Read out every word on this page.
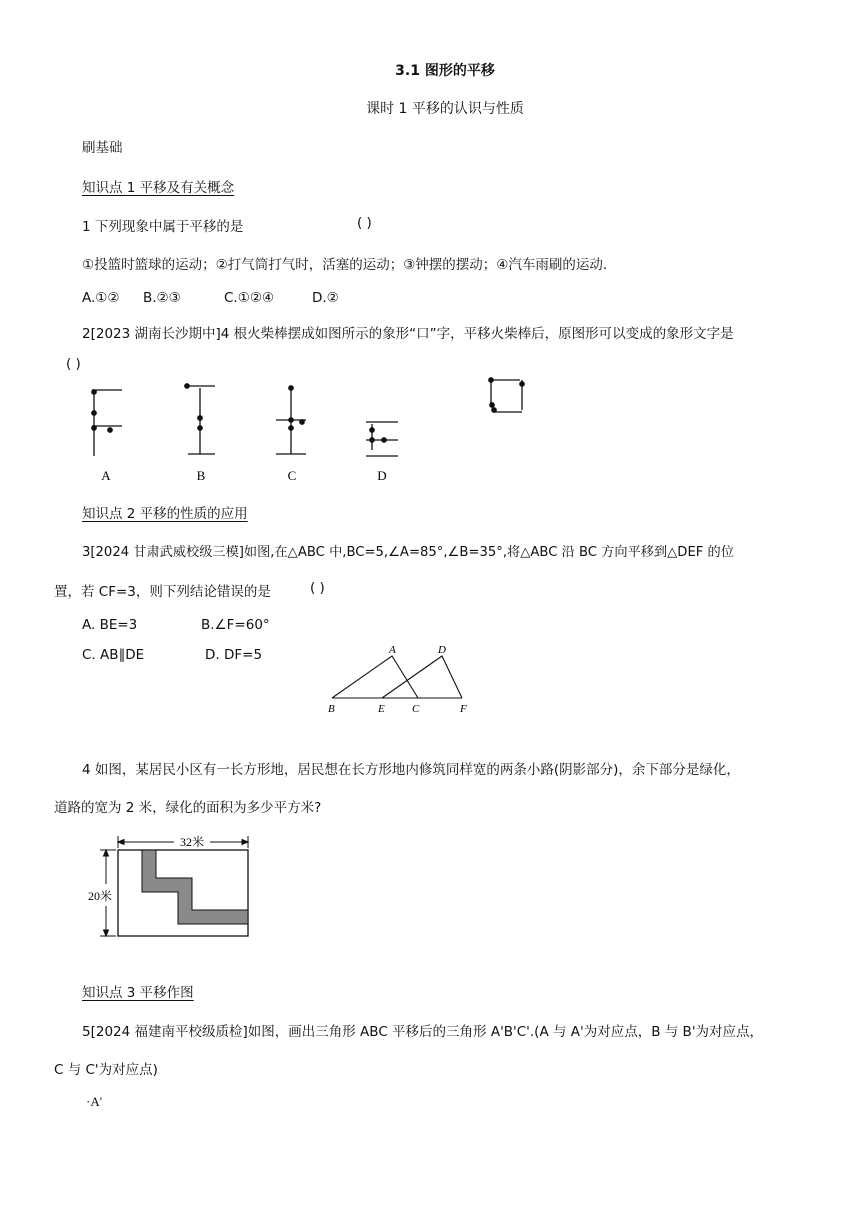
3.1 图形的平移
课时 1 平移的认识与性质
刷基础
知识点 1 平移及有关概念
1 下列现象中属于平移的是	( )
①投篮时篮球的运动；②打气筒打气时，活塞的运动；③钟摆的摆动；④汽车雨刷的运动.
A.①② B.②③	C.①②④	D.②
2[2023 湖南长沙期中]4 根火柴棒摆成如图所示的象形“口”字，平移火柴棒后，原图形可以变成的象形文字是
( )
A	B	C	D
知识点 2 平移的性质的应用
3[2024 甘肃武威校级三模]如图,在△ABC 中,BC=5,∠A=85°,∠B=35°,将△ABC 沿 BC 方向平移到△DEF 的位
置，若 CF=3，则下列结论错误的是	( )
A. BE=3	B.∠F=60°
C. AB∥DE	D. DF=5	A	D
B	E C	F
4 如图，某居民小区有一长方形地，居民想在长方形地内修筑同样宽的两条小路(阴影部分)，余下部分是绿化，
道路的宽为 2 米，绿化的面积为多少平方米?
32米
20米
知识点 3 平移作图
5[2024 福建南平校级质检]如图，画出三角形 ABC 平移后的三角形 A'B'C'.(A 与 A'为对应点，B 与 B'为对应点，
C 与 C'为对应点)
·A'
